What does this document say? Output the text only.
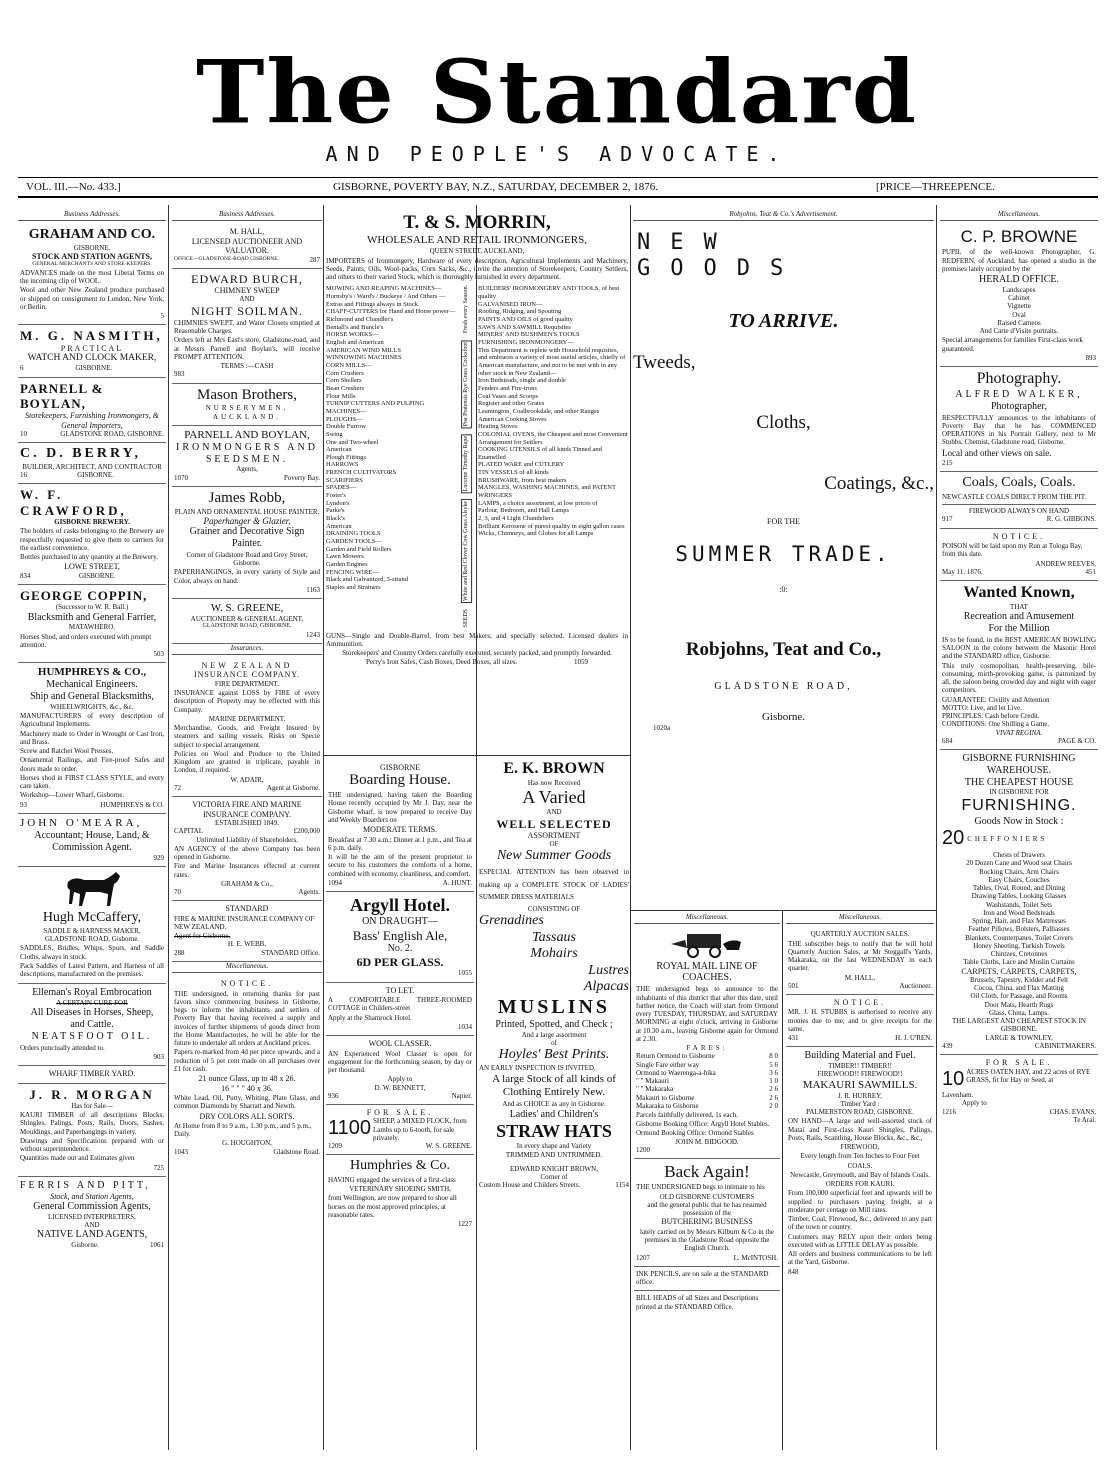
The Standard
AND PEOPLE'S ADVOCATE.
VOL. III.—No. 433.]	GISBORNE, POVERTY BAY, N.Z., SATURDAY, DECEMBER 2, 1876.	[PRICE—THREEPENCE.
Business Addresses.
GRAHAM AND CO.
GISBORNE.
STOCK AND STATION AGENTS,
GENERAL MERCHANTS AND STORE-KEEPERS.

ADVANCES made on the most Liberal Terms on the incoming clip of WOOL.

Wool and other New Zealand produce purchased or shipped on consignment to London, New York, or Berlin.

5
M. G. NASMITH,
PRACTICAL
WATCH AND CLOCK MAKER,
6	GISBORNE.
PARNELL & BOYLAN,
Storekeepers, Furnishing Ironmongers, & General Importers,
10	GLADSTONE ROAD, GISBORNE.
C. D. BERRY,
BUILDER, ARCHITECT, AND CONTRACTOR
16	GISBORNE.
W. F. CRAWFORD,
GISBORNE BREWERY.

The holders of casks belonging to the Brewery are respectfully requested to give them to carriers for the earliest convenience.

Bottles purchased in any quantity at the Brewery.

LOWE STREET,
834	GISBORNE.
GEORGE COPPIN,
(Successor to W. R. Ball.)
Blacksmith and General Farrier,
MATAWHERO.

Horses Shod, and orders executed with prompt attention.

503
HUMPHREYS & CO.,
Mechanical Engineers.
Ship and General Blacksmiths,
WHEELWRIGHTS, &c., &c.

MANUFACTURERS of every description of Agricultural Implements.

Machinery made to Order in Wrought or Cast Iron, and Brass.

Screw and Ratchet Wool Presses.

Ornamental Railings, and Fire-proof Safes and doors made to order.

Horses shod in FIRST CLASS STYLE, and every care taken.

Workshop—Lower Wharf, Gisborne.

93	HUMPHREYS & CO.
JOHN O'MEARA,
Accountant; House, Land, &
Commission Agent.
929
Hugh McCaffery,
SADDLE & HARNESS MAKER,
GLADSTONE ROAD, Gisborne.

SADDLES, Bridles, Whips, Spurs, and Saddle Cloths, always in stock.

Pack Saddles of Latest Pattern, and Harness of all descriptions, manufactured on the premises.

Elleman's Royal Embrocation
A CERTAIN CURE FOR
All Diseases in Horses, Sheep,
and Cattle.
NEATSFOOT OIL.

Orders punctually attended to.

903
WHARF TIMBER YARD.
J. R. MORGAN
Has for Sale—

KAURI TIMBER of all descriptions Blocks, Shingles, Palings, Posts, Rails, Doors, Sashes, Mouldings, and Paperhangings in variety.

Drawings and Specifications prepared with or without superintendence.

Quantities made out and Estimates given

725
FERRIS AND PITT,
Stock, and Station Agents,
General Commission Agents,
LICENSED INTERPRETERS,
AND
NATIVE LAND AGENTS,
Gisborne.	1061
Business Addresses.
M. HALL,
LICENSED AUCTIONEER AND VALUATOR.
OFFICE—GLADSTONE-ROAD GISBORNE.	287
EDWARD BURCH,
CHIMNEY SWEEP
AND
NIGHT SOILMAN.

CHIMNIES SWEPT, and Water Closets emptied at Reasonable Charges.

Orders left at Mrs East's store, Gladstone-road, and at Messrs Parnell and Boylan's, will receive PROMPT ATTENTION.

TERMS :—CASH
983
Mason Brothers,
NURSERYMEN, AUCKLAND.
PARNELL AND BOYLAN,
IRONMONGERS AND
SEEDSMEN.
Agents,
1070	Poverty Bay.
James Robb,
PLAIN AND ORNAMENTAL HOUSE PAINTER,
Paperhanger & Glazier,
Grainer and Decorative Sign
Painter.

Corner of Gladstone Road and Grey Street, Gisborne.

PAPERHANGINGS, in every variety of Style and Color, always on hand.

1163
W. S. GREENE,
AUCTIONEER & GENERAL AGENT,
GLADSTONE ROAD, GISBORNE.
1243
Insurances.
NEW ZEALAND
INSURANCE COMPANY.
FIRE DEPARTMENT.

INSURANCE against LOSS by FIRE of every description of Property may be effected with this Company.

MARINE DEPARTMENT.

Merchandise, Goods, and Freight Insured by steamers and sailing vessels. Risks on Specie subject to special arrangement.

Policies on Wool and Produce to the United Kingdom are granted in triplicate, payable in London, if required.

W. ADAIR,
72	Agent at Gisborne.
VICTORIA FIRE AND MARINE
INSURANCE COMPANY.
ESTABLISHED 1849.
CAPITAL	£200,000
Unlimited Liability of Shareholders.

AN AGENCY of the above Company has been opened in Gisborne.

Fire and Marine Insurances effected at current rates.

GRAHAM & Co.,
70	Agents.
STANDARD

FIRE & MARINE INSURANCE COMPANY OF NEW ZEALAND.

Agent for Gisborne,
H. E. WEBB,
288	STANDARD Office.
Miscellaneous.
NOTICE.

THE undersigned, in returning thanks for past favors since commencing business in Gisborne, begs to inform the inhabitants and settlers of Poverty Bay that having received a supply and invoices of further shipments of goods direct from the Home Manufactories, he will be able for the future to undertake all orders at Auckland prices.

Papers re-marked from 4d per piece upwards, and a reduction of 5 per cent made on all purchases over £1 for cash.

21 ounce Glass, up to 48 x 26.
16 " " " 40 x 36.

White Lead, Oil, Putty, Whiting, Plate Glass, and common Diamonds by Sharratt and Newth.

DRY COLORS ALL SORTS.

At Home from 8 to 9 a.m., 1.30 p.m., and 5 p.m., Daily.

G. HOUGHTON,
1043	Gladstone Road.
T. & S. MORRIN,
WHOLESALE AND RETAIL IRONMONGERS,
QUEEN STREET, AUCKLAND,

IMPORTERS of Ironmongery, Hardware of every description, Agricultural Implements and Machinery, Seeds, Paints, Oils, Wool-packs, Corn Sacks, &c., invite the attention of Storekeepers, Country Settlers, and others to their varied Stock, which is thoroughly furnished in every department.

MOWING AND REAPING MACHINES—
Hornsby's / Ward's / Buckeye / And Others — Extras and Fittings always in Stock.
CHAFF-CUTTERS for Hand and Horse power—
Richmond and Chandler's
Bentall's and Buncle's
HORSE WORKS—
English and American
AMERICAN WIND MILLS
WINNOWING MACHINES
CORN MILLS—
Corn Crushers
Corn Shellers
Bean Crushers
Flour Mills
TURNIP CUTTERS AND PULPING MACHINES—
PLOUGHS—
Double Furrow
Swing
One and Two-wheel
American
Plough Fittings
HARROWS
FRENCH CULTIVATORS
SCARIFIERS
SPADES—
Foster's
Lyndon's
Parke's
Black's
American
DRAINING TOOLS
GARDEN TOOLS—
Garden and Field Rollers
Lawn Mowers
Garden Engines
FENCING WIRE—
Black and Galvanized, 3-strand
Staples and Strainers
Fresh every Season.
Poa Pratensis Rye Grass Cocksfoot
Lucerne Timothy Rape
White and Red Clover Cow Grass Alsyke
SEEDS
BUILDERS' IRONMONGERY AND TOOLS, of best quality
GALVANISED IRON—
Roofing, Ridging, and Spouting
PAINTS AND OILS of good quality
SAWS AND SAWMILL Requisites
MINERS' AND BUSHMEN'S TOOLS
FURNISHING IRONMONGERY—
This Department is replete with Household requisites, and embraces a variety of most useful articles, chiefly of American manufacture, and not to be met with in any other stock in New Zealand—
Iron Bedsteads, single and double
Fenders and Fire-irons
Coal Vases and Scoops
Register and other Grates
Leamington, Coalbrookdale, and other Ranges
American Cooking Stoves
Heating Stoves
COLONIAL OVENS, the Cheapest and most Convenient Arrangement for Settlers
COOKING UTENSILS of all kinds Tinned and Enamelled
PLATED WARE and CUTLERY
TIN VESSELS of all kinds
BRUSHWARE, from best makers
MANGLES, WASHING MACHINES, and PATENT WRINGERS
LAMPS, a choice assortment, at low prices of
Parlour, Bedroom, and Hall Lamps
2, 3, and 4 Light Chandeliers
Brilliant Kerosene of purest quality in eight gallon cases
Wicks, Chimneys, and Globes for all Lamps

GUNS—Single and Double-Barrel, from best Makers, and specially selected. Licensed dealers in Ammunition.

Storekeepers' and Country Orders carefully executed, securely packed, and promptly forwarded.

Perry's Iron Safes, Cash Boxes, Deed Boxes, all sizes.	1059
GISBORNE
Boarding House.

THE undersigned, having taken the Boarding House recently occupied by Mr J. Day, near the Gisborne wharf, is now prepared to receive Day and Weekly Boarders on

MODERATE TERMS.

Breakfast at 7.30 a.m.; Dinner at 1 p.m., and Tea at 6 p.m. daily.

It will be the aim of the present proprietor to secure to his customers the comforts of a home, combined with economy, cleanliness, and comfort.

1094	A. HUNT.
Argyll Hotel.
ON DRAUGHT—
Bass' English Ale,
No. 2.
6D PER GLASS.
1055
TO LET.

A COMFORTABLE THREE-ROOMED COTTAGE in Childers-street

Apply at the Shamrock Hotel.

1034
WOOL CLASSER.

AN Experienced Wool Classer is open for engagement for the forthcoming season, by day or per thousand.

Apply to
D. W. BENNETT,
936	Napier.
FOR SALE.
1100 SHEEP, a MIXED FLOCK, from Lambs up to 6-tooth, for sale privately.
1209	W. S. GREENE.
Humphries & Co.

HAVING engaged the services of a first-class

VETERINARY SHOEING SMITH,

from Wellington, are now prepared to shoe all horses on the most approved principles, at reasonable rates.

1227
E. K. BROWN
Has now Received
A Varied
AND
WELL SELECTED
ASSORTMENT
OF
New Summer Goods

ESPECIAL ATTENTION has been observed in making up a COMPLETE STOCK OF LADIES' SUMMER DRESS MATERIALS

CONSISTING OF
Grenadines
Tassaus
Mohairs
Lustres
Alpacas
MUSLINS
Printed, Spotted, and Check ;
And a large assortment
of
Hoyles' Best Prints.
AN EARLY INSPECTION IS INVITED.

A large Stock of all kinds of Clothing Entirely New.

And as CHOICE as any in Gisborne.

Ladies' and Children's
STRAW HATS
In every shape and Variety
TRIMMED AND UNTRIMMED.
EDWARD KNIGHT BROWN,
Corner of
Custom House and Childers Streets.	1154
Robjohns, Teat & Co.'s Advertisement.
NEW GOODS
TO ARRIVE.
Tweeds,
Cloths,
Coatings, &c.,
FOR THE
SUMMER TRADE.
:0:
Robjohns, Teat and Co.,
GLADSTONE ROAD,
Gisborne.
1020a
Miscellaneous.
ROYAL MAIL LINE OF
COACHES.

THE undersigned begs to announce to the inhabitants of this district that after this date, until further notice, the Coach will start from Ormond every TUESDAY, THURSDAY, and SATURDAY MORNING at eight o'clock, arriving in Gisborne at 10.30 a.m., leaving Gisborne again for Ormond at 2.30.

FARES:
Return Ormond to Gisborne	8 0
Single Fare either way	5 6
Ormond to Waerenga-a-hika	3 6
" " Makauri	1 0
" " Makaraka	2 6
Makauri to Gisborne	2 6
Makaraka to Gisborne	2 0

Parcels faithfully delivered, 1s each.

Gisborne Booking Office: Argyll Hotel Stables. Ormond Booking Office: Ormond Stables

JOHN M. BIDGOOD.
1200
Back Again!

THE UNDERSIGNED begs to intimate to his

OLD GISBORNE CUSTOMERS
and the general public that he has resumed possession of the
BUTCHERING BUSINESS

lately carried on by Messrs Kilburn & Co in the premises in the Gladstone Road opposite the English Church.

1207	L. McINTOSH.
INK PENCILS, are on sale at the STANDARD office.
BILL HEADS of all Sizes and Descriptions printed at the STANDARD Office.
Miscellaneous.
QUARTERLY AUCTION SALES.

THE subscriber begs to notify that he will hold Quarterly Auction Sales, at Mr Steggall's Yards, Makaraka, on the last WEDNESDAY in each quarter.

M. HALL,
501	Auctioneer.
NOTICE.

MR. J. H. STUBBS is authorised to receive any monies due to me, and to give receipts for the same.

431	H. J. U'REN.
Building Material and Fuel.
TIMBER!! TIMBER!!
FIREWOOD!! FIREWOOD!!
MAKAURI SAWMILLS.
J. R. HURREY,
Timber Yard :
PALMERSTON ROAD, GISBORNE.

ON HAND—A large and well-assorted stock of Matai and First-class Kauri Shingles, Palings, Posts, Rails, Scantling, House Blocks, &c., &c.,

FIREWOOD,

Every length from Ten Inches to Four Feet

COALS.

Newcastle, Greymouth, and Bay of Islands Coals.

ORDERS FOR KAURI.

From 100,000 superficial feet and upwards will be supplied to purchasers paying freight, at a moderate per centage on Mill rates.

Timber, Coal, Firewood, &c., delivered to any part of the town or country.

Customers may RELY upon their orders being executed with as LITTLE DELAY as possible.

All orders and business communications to be left at the Yard, Gisborne.

848
Miscellaneous.
C. P. BROWNE

PUPIL of the well-known Photographer, G. REDFERN, of Auckland, has opened a studio in the premises lately occupied by the

HERALD OFFICE.
Landscapes
Cabinet
Vignette
Oval
Raised Cameos
And Carte d'Visite portraits.

Special arrangements for families First-class work guaranteed.

893
Photography.
ALFRED WALKER,
Photographer,

RESPECTFULLY announces to the inhabitants of Poverty Bay that he has COMMENCED OPERATIONS in his Portrait Gallery, next to Mr Stubbs, Chemist, Gladstone road, Gisborne.

Local and other views on sale.

215
Coals, Coals, Coals.

NEWCASTLE COALS DIRECT FROM THE PIT.

FIREWOOD ALWAYS ON HAND
917	R. G. GIBBONS.
NOTICE.

POISON will be laid upon my Run at Tologa Bay, from this date.

ANDREW REEVES,
May 11. 1876.	451
Wanted Known,
THAT
Recreation and Amusement
For the Million

IS to be found, in the BEST AMERICAN BOWLING SALOON in the colony between the Masonic Hotel and the STANDARD office, Gisborne.

This truly cosmopolitan, health-preserving, bile-consuming, mirth-provoking game, is patronized by all, the saloon being crowded day and night with eager competitors.

GUARANTEE: Civility and Attention
MOTTO: Live, and let Live.
PRINCIPLES: Cash before Credit.
CONDITIONS: One Shilling a Game.
VIVAT REGINA.
684	PAGE & CO.
GISBORNE FURNISHING
WAREHOUSE.
THE CHEAPEST HOUSE
IN GISBORNE FOR
FURNISHING.
Goods Now in Stock :
20 CHEFFONIERS
Chests of Drawers
20 Dozen Cane and Wood seat Chairs
Rocking Chairs, Arm Chairs
Easy Chairs, Couches
Tables, Oval, Round, and Dining
Drawing Tables, Looking Glasses
Washstands, Toilet Sets
Iron and Wood Bedsteads
Spring, Hair, and Flax Mattresses
Feather Pillows, Bolsters, Palliasses
Blankets, Counterpanes, Toilet Covers
Honey Sheeting, Turkish Towels
Chintzes, Cretonnes
Table Cloths, Lace and Muslin Curtains
CARPETS, CARPETS, CARPETS,
Brussels, Tapestry, Kidder and Felt
Cocoa, China, and Flax Matting
Oil Cloth, for Passage, and Rooms
Door Mats, Hearth Rugs
Glass, China, Lamps.
THE LARGEST AND CHEAPEST STOCK IN GISBORNE.
LARGE & TOWNLEY,
439	CABINETMAKERS.
FOR SALE.
10 ACRES OATEN HAY, and 22 acres of RYE GRASS, fit for Hay or Seed, at
Lavenham.
Apply to
1216	CHAS. EVANS,
Te Arai.
